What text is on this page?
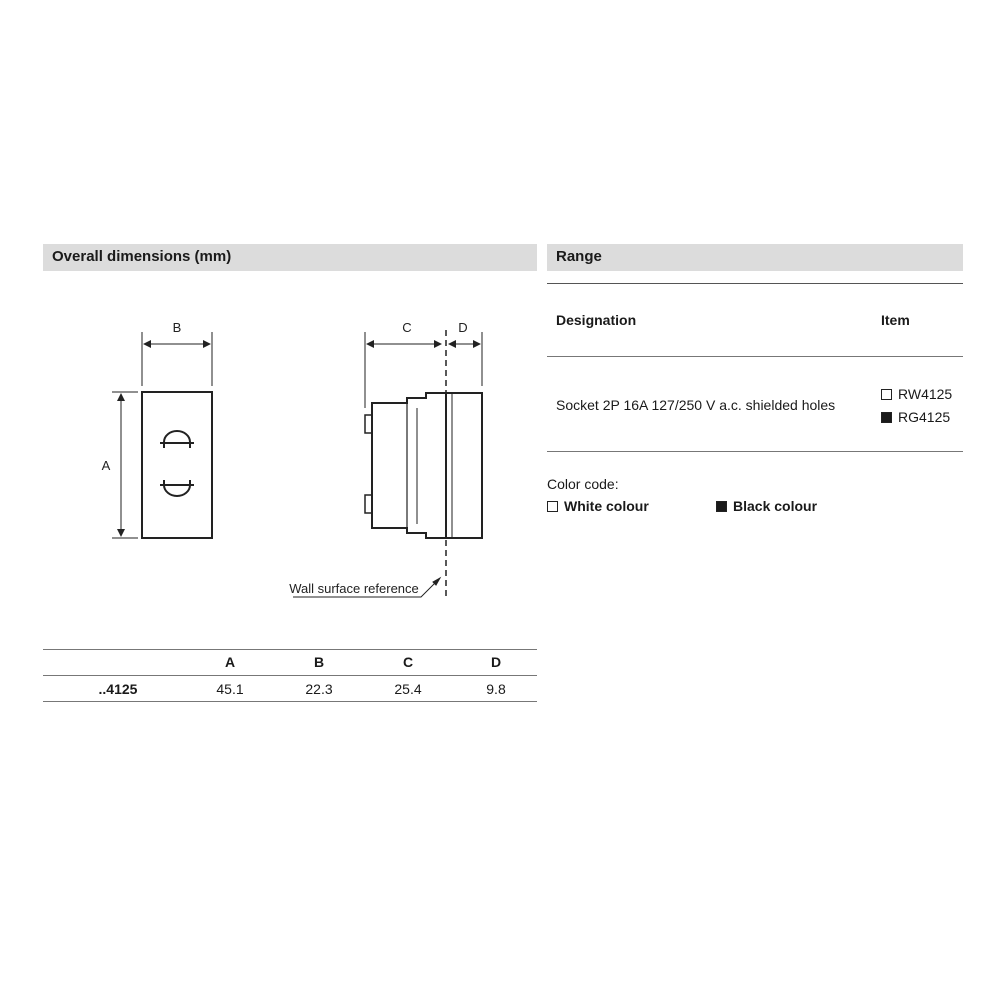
Overall dimensions (mm)	Range
B
A
C	D
Wall surface reference
A	B	C	D
..4125	45.1	22.3	25.4	9.8
Designation	Item
Socket 2P 16A 127/250 V a.c. shielded holes
RW4125
RG4125
Color code:
White colour	Black colour
